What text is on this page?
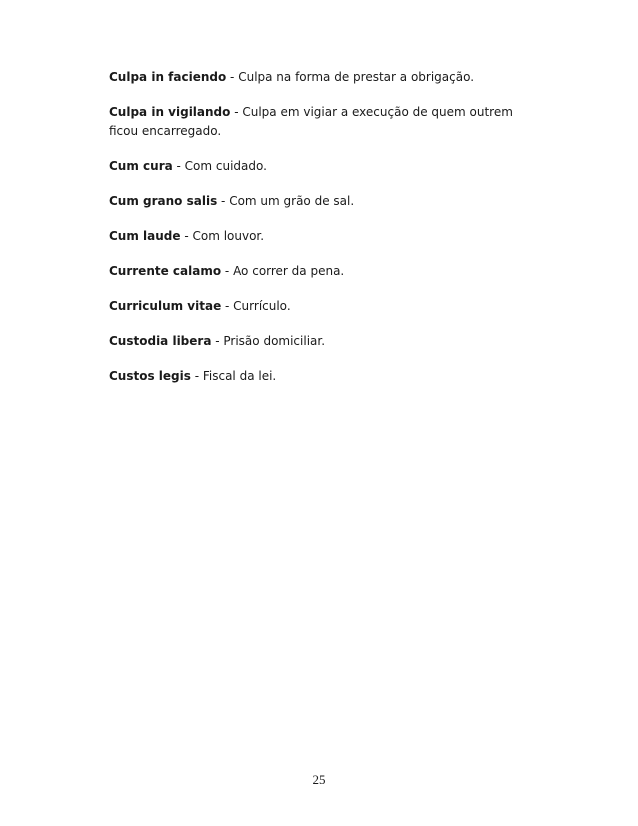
Culpa in faciendo - Culpa na forma de prestar a obrigação.

Culpa in vigilando - Culpa em vigiar a execução de quem outrem ficou encarregado.

Cum cura - Com cuidado.

Cum grano salis - Com um grão de sal.

Cum laude - Com louvor.

Currente calamo - Ao correr da pena.

Curriculum vitae - Currículo.

Custodia libera - Prisão domiciliar.

Custos legis - Fiscal da lei.

25
